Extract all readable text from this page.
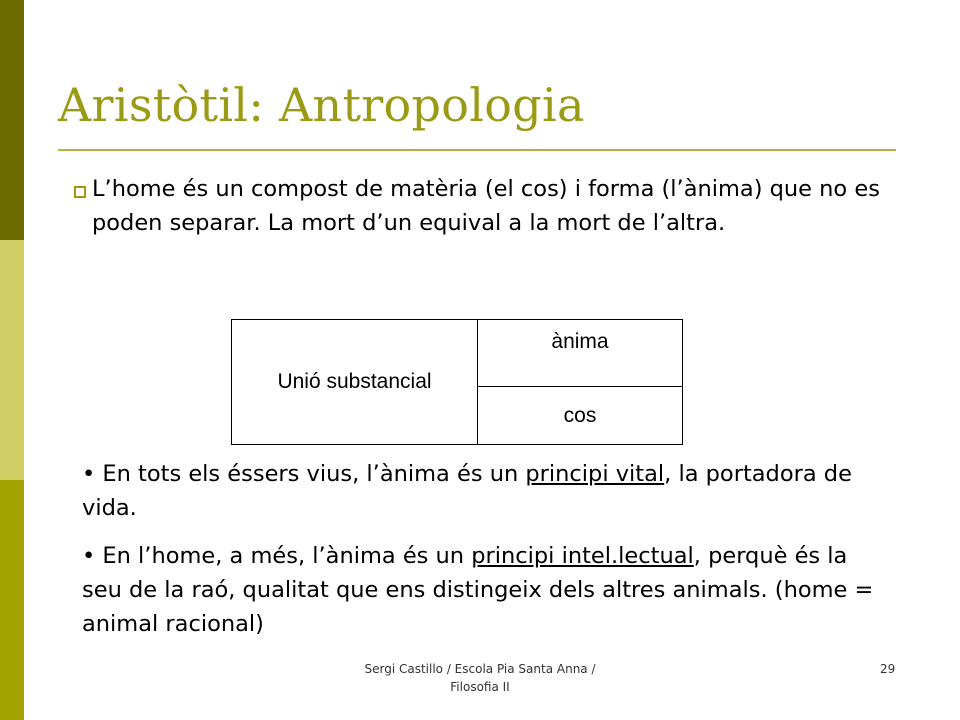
Aristòtil: Antropologia
L’home és un compost de matèria (el cos) i forma (l’ànima) que no es poden separar. La mort d’un equival a la mort de l’altra.
Unió substancial	ànima
cos

• En tots els éssers vius, l’ànima és un principi vital, la portadora de vida.

• En l’home, a més, l’ànima és un principi intel.lectual, perquè és la seu de la raó, qualitat que ens distingeix dels altres animals. (home = animal racional)

Sergi Castillo / Escola Pia Santa Anna /
Filosofia II
29
